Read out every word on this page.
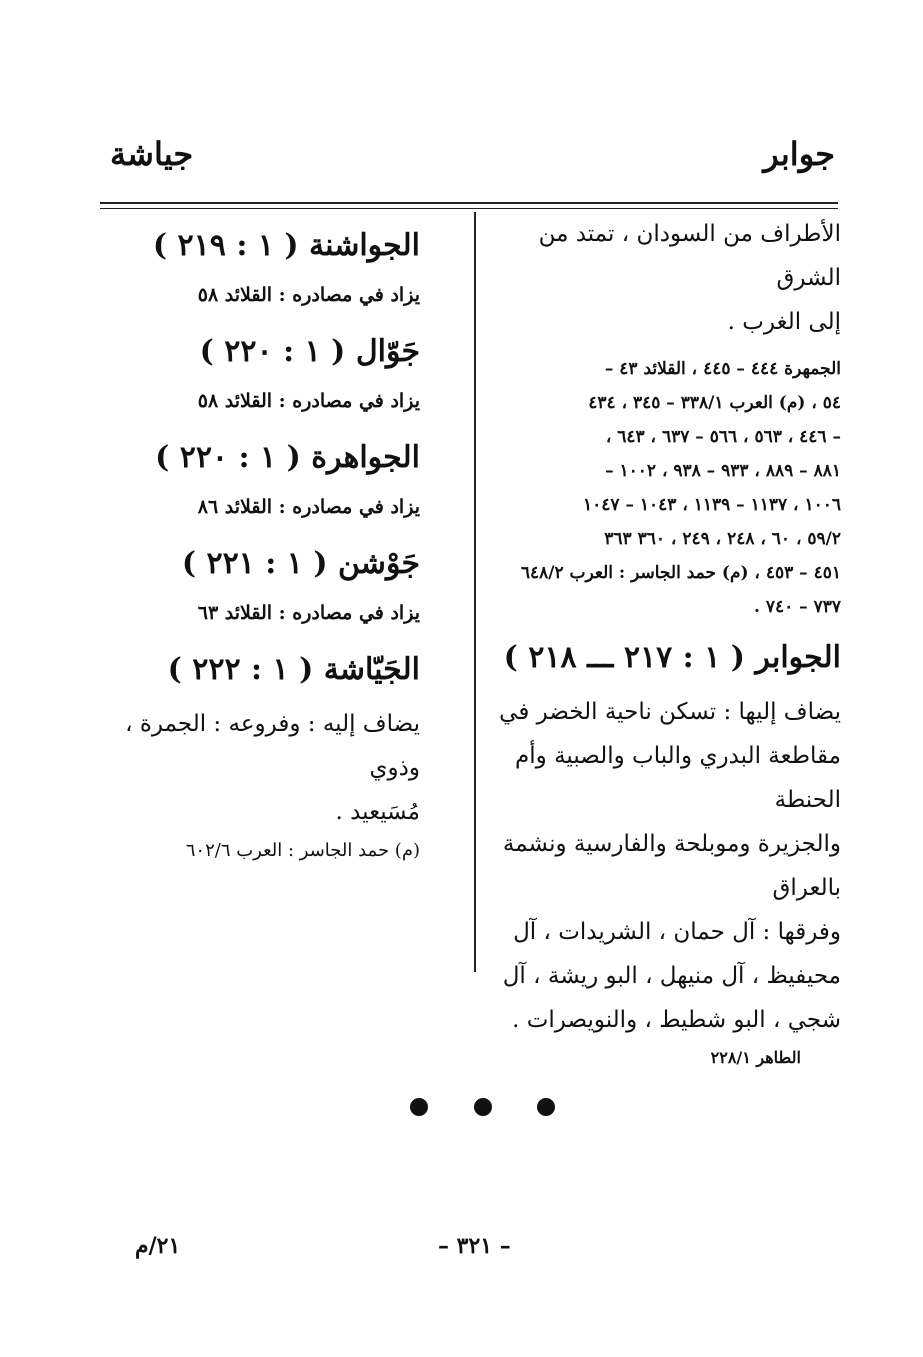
جوابر
جياشة

الأطراف من السودان ، تمتد من الشرق

إلى الغرب .

الجمهرة ٤٤٤ – ٤٤٥ ، القلائد ٤٣ –

٥٤ ، (م) العرب ٣٣٨/١ – ٣٤٥ ، ٤٣٤

– ٤٤٦ ، ٥٦٣ ، ٥٦٦ – ٦٣٧ ، ٦٤٣ ،

٨٨١ – ٨٨٩ ، ٩٣٣ – ٩٣٨ ، ١٠٠٢ –

١٠٠٦ ، ١١٣٧ – ١١٣٩ ، ١٠٤٣ – ١٠٤٧

٥٩/٢ ، ٦٠ ، ٢٤٨ ، ٢٤٩ ، ٣٦٠ ٣٦٣

٤٥١ – ٤٥٣ ، (م) حمد الجاسر : العرب ٦٤٨/٢

٧٣٧ – ٧٤٠ .

الجوابر ( ١ : ٢١٧ ـــ ٢١٨ )

يضاف إليها : تسكن ناحية الخضر في

مقاطعة البدري والباب والصبية وأم الحنطة

والجزيرة وموبلحة والفارسية ونشمة بالعراق

وفرقها : آل حمان ، الشريدات ، آل

محيفيظ ، آل منيهل ، البو ريشة ، آل

شجي ، البو شطيط ، والنويصرات .

الطاهر ٢٢٨/١

الجواشنة ( ١ : ٢١٩ )

يزاد في مصادره : القلائد ٥٨

جَوّال ( ١ : ٢٢٠ )

يزاد في مصادره : القلائد ٥٨

الجواهرة ( ١ : ٢٢٠ )

يزاد في مصادره : القلائد ٨٦

جَوْشن ( ١ : ٢٢١ )

يزاد في مصادره : القلائد ٦٣

الجَيّاشة ( ١ : ٢٢٢ )

يضاف إليه : وفروعه : الجمرة ، وذوي

مُسَيعيد .

(م) حمد الجاسر : العرب ٦٠٢/٦

– ٣٢١ –
٢١/م
